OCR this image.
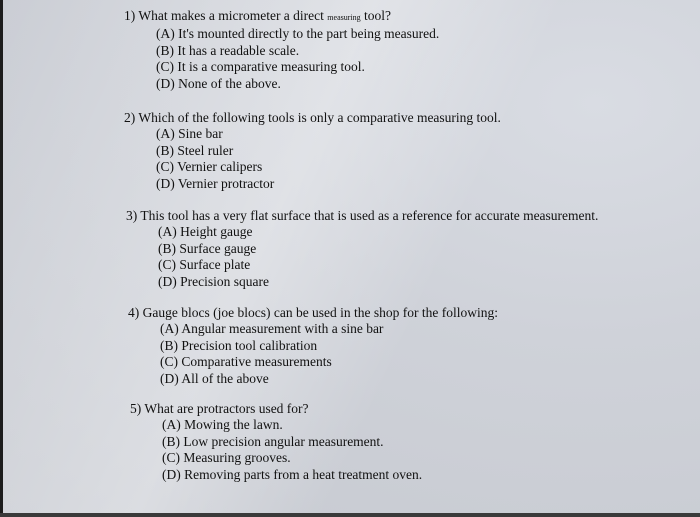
1) What makes a micrometer a direct measuring tool?
(A) It's mounted directly to the part being measured.
(B) It has a readable scale.
(C) It is a comparative measuring tool.
(D) None of the above.
2) Which of the following tools is only a comparative measuring tool.
(A) Sine bar
(B) Steel ruler
(C) Vernier calipers
(D) Vernier protractor
3) This tool has a very flat surface that is used as a reference for accurate measurement.
(A) Height gauge
(B) Surface gauge
(C) Surface plate
(D) Precision square
4) Gauge blocs (joe blocs) can be used in the shop for the following:
(A) Angular measurement with a sine bar
(B) Precision tool calibration
(C) Comparative measurements
(D) All of the above
5) What are protractors used for?
(A) Mowing the lawn.
(B) Low precision angular measurement.
(C) Measuring grooves.
(D) Removing parts from a heat treatment oven.
